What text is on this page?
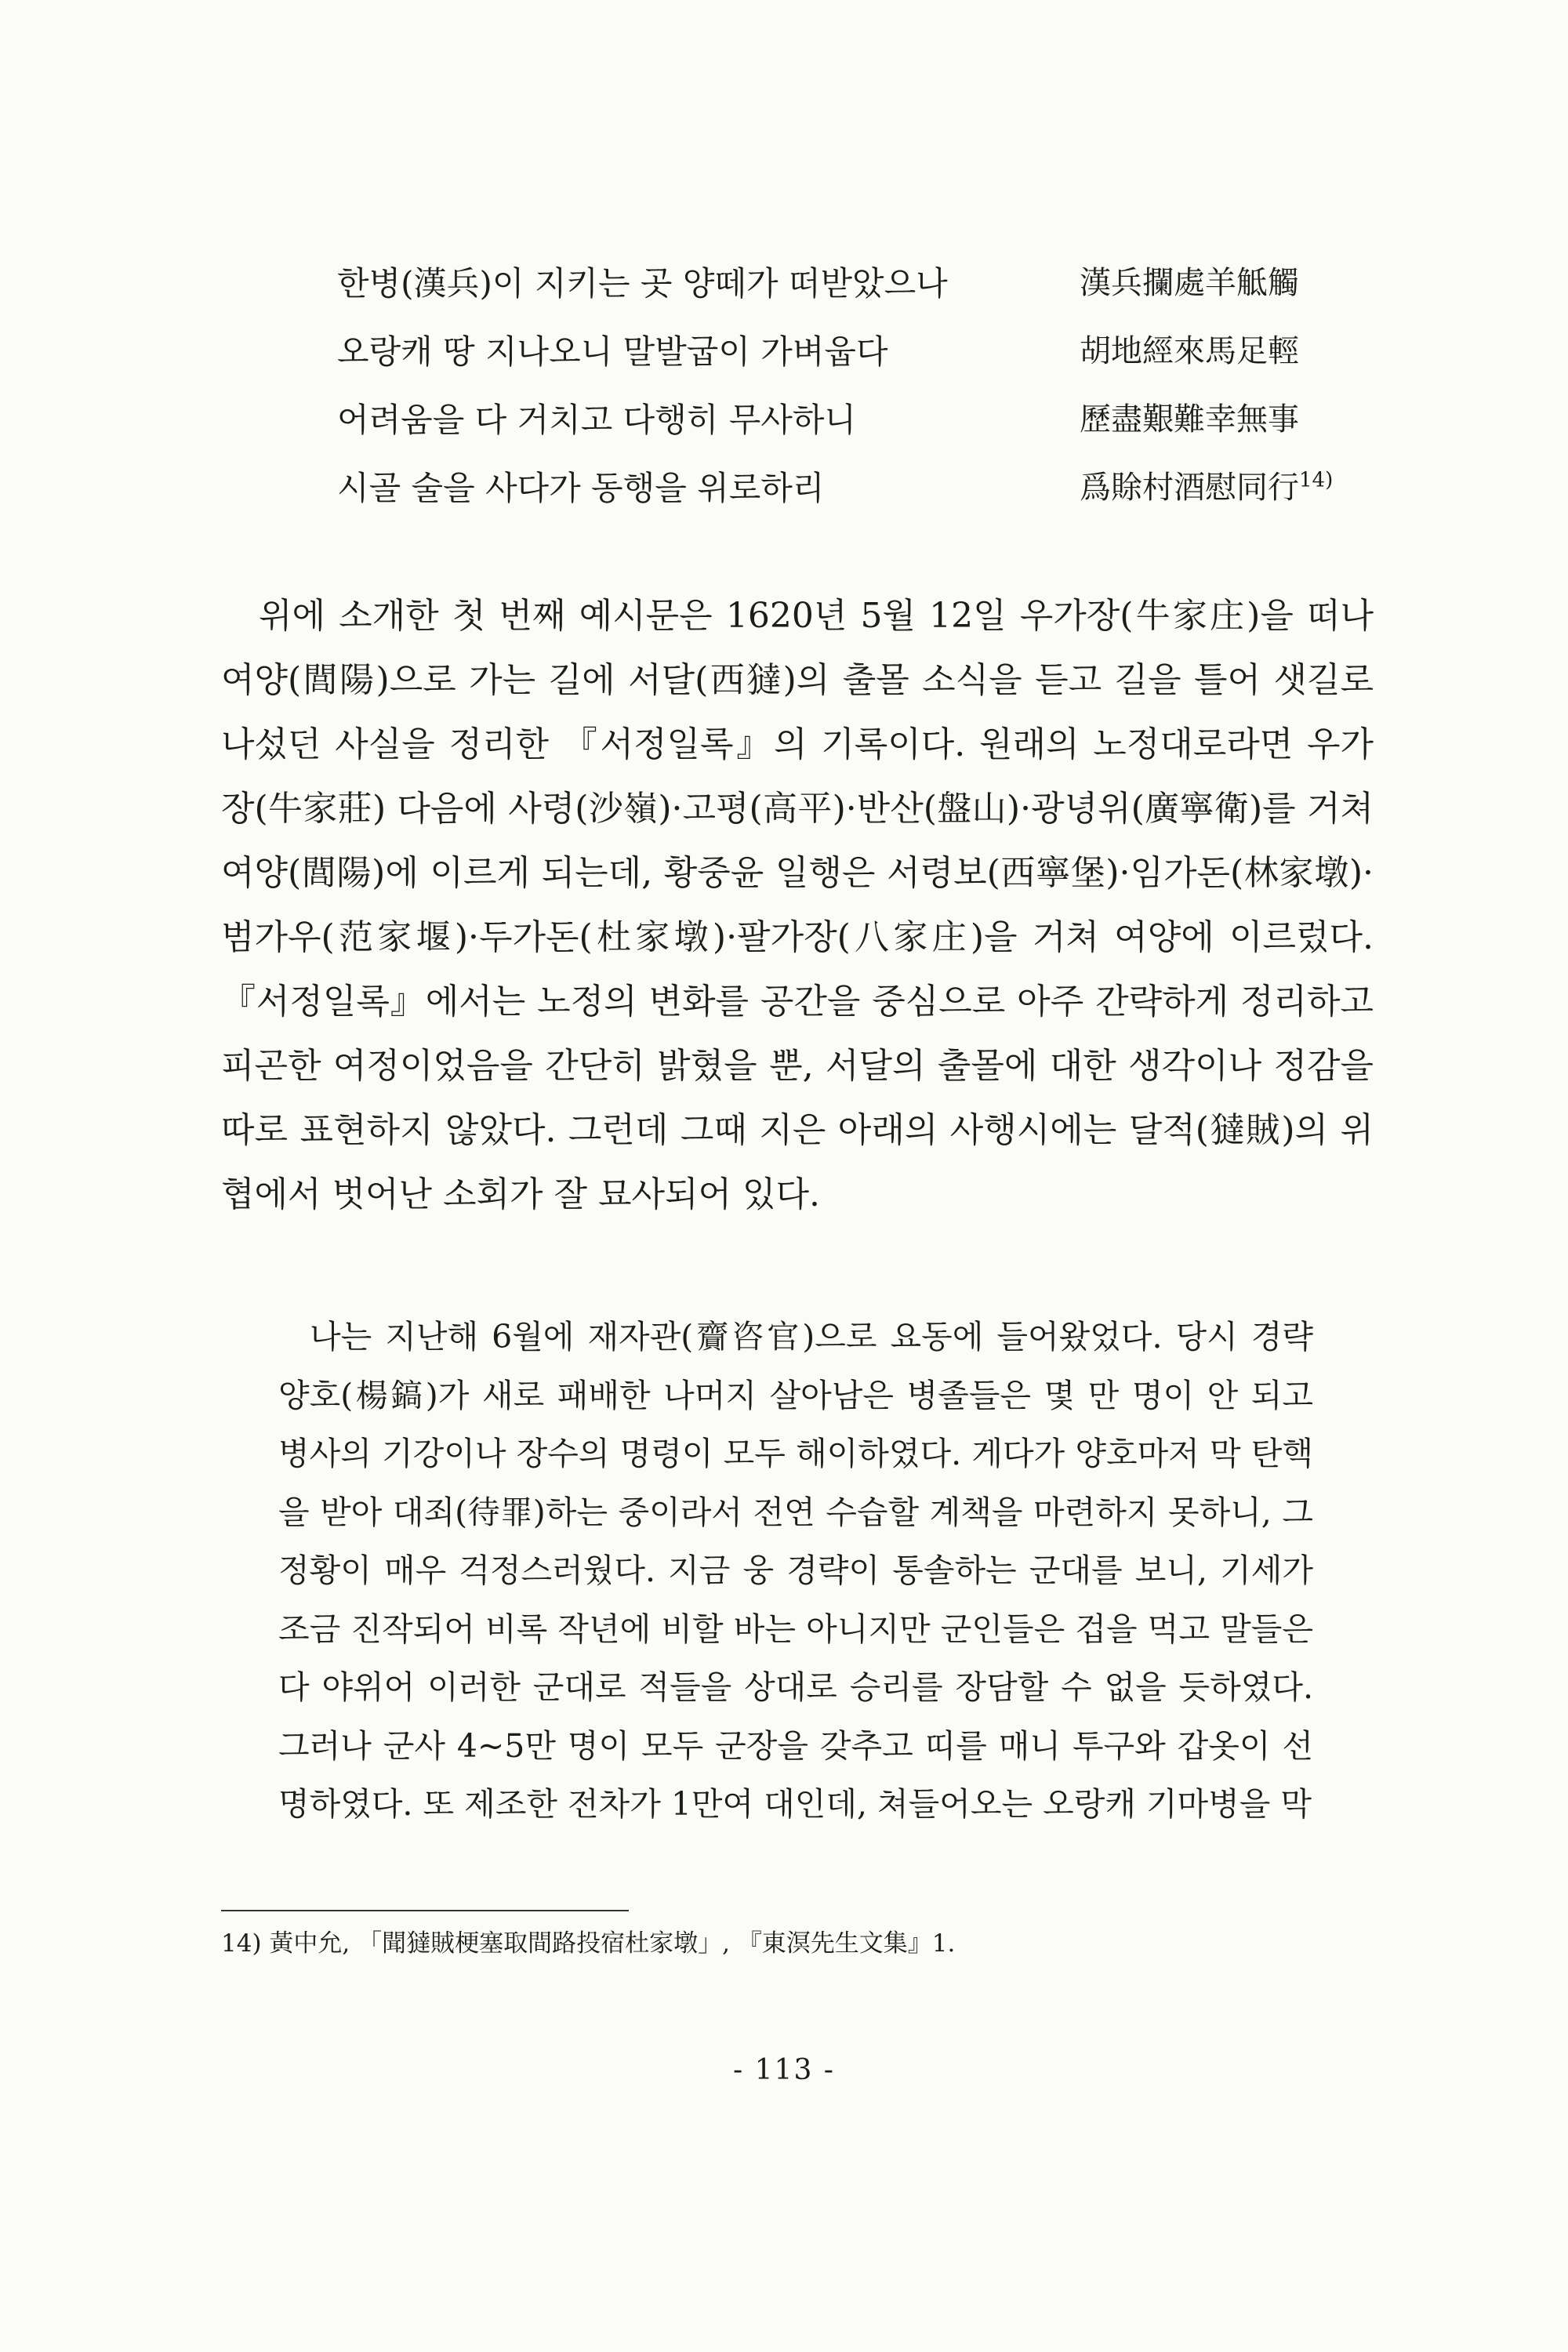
한병(漢兵)이 지키는 곳 양떼가 떠받았으나	漢兵攔處羊觝觸
오랑캐 땅 지나오니 말발굽이 가벼웁다	胡地經來馬足輕
어려움을 다 거치고 다행히 무사하니	歷盡艱難幸無事
시골 술을 사다가 동행을 위로하리	爲賖村酒慰同行$^{14)}$

위에 소개한 첫 번째 예시문은 1620년 5월 12일 우가장(牛家庄)을 떠나 여양(閭陽)으로 가는 길에 서달(西㺚)의 출몰 소식을 듣고 길을 틀어 샛길로 나섰던 사실을 정리한 『서정일록』의 기록이다. 원래의 노정대로라면 우가장(牛家莊) 다음에 사령(沙嶺)·고평(高平)·반산(盤山)·광녕위(廣寧衛)를 거쳐 여양(閭陽)에 이르게 되는데, 황중윤 일행은 서령보(西寧堡)·임가돈(林家墩)·범가우(范家堰)·두가돈(杜家墩)·팔가장(八家庄)을 거쳐 여양에 이르렀다. 『서정일록』에서는 노정의 변화를 공간을 중심으로 아주 간략하게 정리하고 피곤한 여정이었음을 간단히 밝혔을 뿐, 서달의 출몰에 대한 생각이나 정감을 따로 표현하지 않았다. 그런데 그때 지은 아래의 사행시에는 달적(㺚賊)의 위협에서 벗어난 소회가 잘 묘사되어 있다.

나는 지난해 6월에 재자관(齎咨官)으로 요동에 들어왔었다. 당시 경략 양호(楊鎬)가 새로 패배한 나머지 살아남은 병졸들은 몇 만 명이 안 되고 병사의 기강이나 장수의 명령이 모두 해이하였다. 게다가 양호마저 막 탄핵을 받아 대죄(待罪)하는 중이라서 전연 수습할 계책을 마련하지 못하니, 그 정황이 매우 걱정스러웠다. 지금 웅 경략이 통솔하는 군대를 보니, 기세가 조금 진작되어 비록 작년에 비할 바는 아니지만 군인들은 겁을 먹고 말들은 다 야위어 이러한 군대로 적들을 상대로 승리를 장담할 수 없을 듯하였다. 그러나 군사 4~5만 명이 모두 군장을 갖추고 띠를 매니 투구와 갑옷이 선명하였다. 또 제조한 전차가 1만여 대인데, 쳐들어오는 오랑캐 기마병을 막

14) 黃中允, 「聞㺚賊梗塞取間路投宿杜家墩」, 『東溟先生文集』1.
- 113 -
